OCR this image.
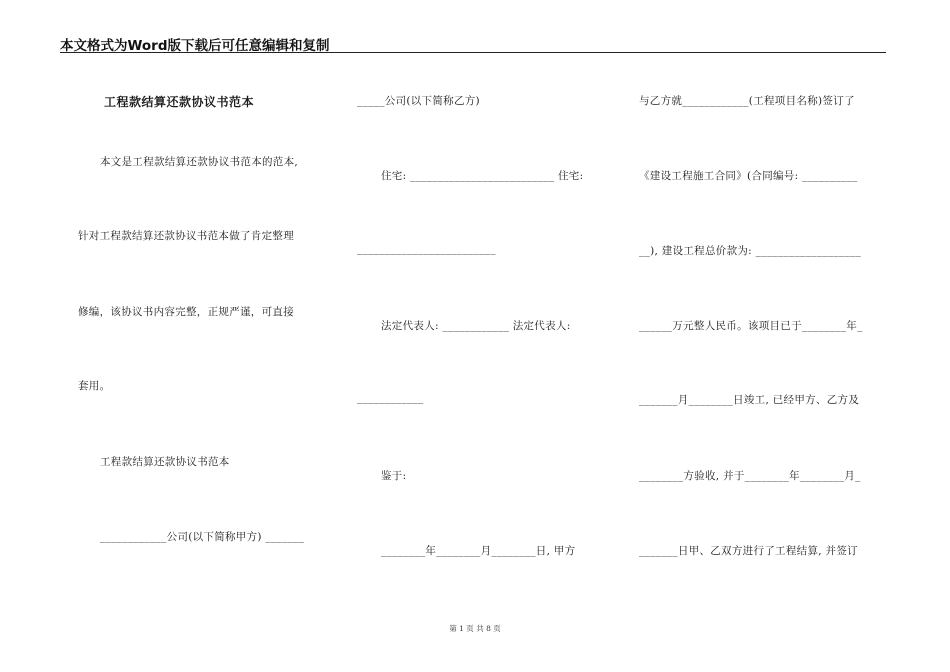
本文格式为Word版下载后可任意编辑和复制
工程款结算还款协议书范本
本文是工程款结算还款协议书范本的范本,
针对工程款结算还款协议书范本做了肯定整理
修编，该协议书内容完整，正规严谨，可直接
套用。
工程款结算还款协议书范本
____________公司(以下简称甲方) _______
_____公司(以下简称乙方)
住宅: __________________________ 住宅:
_________________________
法定代表人: ____________ 法定代表人:
____________
鉴于:
________年________月________日, 甲方
与乙方就____________(工程项目名称)签订了
《建设工程施工合同》(合同编号: __________
__), 建设工程总价款为: ___________________
______万元整人民币。该项目已于________年_
_______月________日竣工, 已经甲方、乙方及
________方验收, 并于________年________月_
_______日甲、乙双方进行了工程结算, 并签订
第 1 页 共 8 页
